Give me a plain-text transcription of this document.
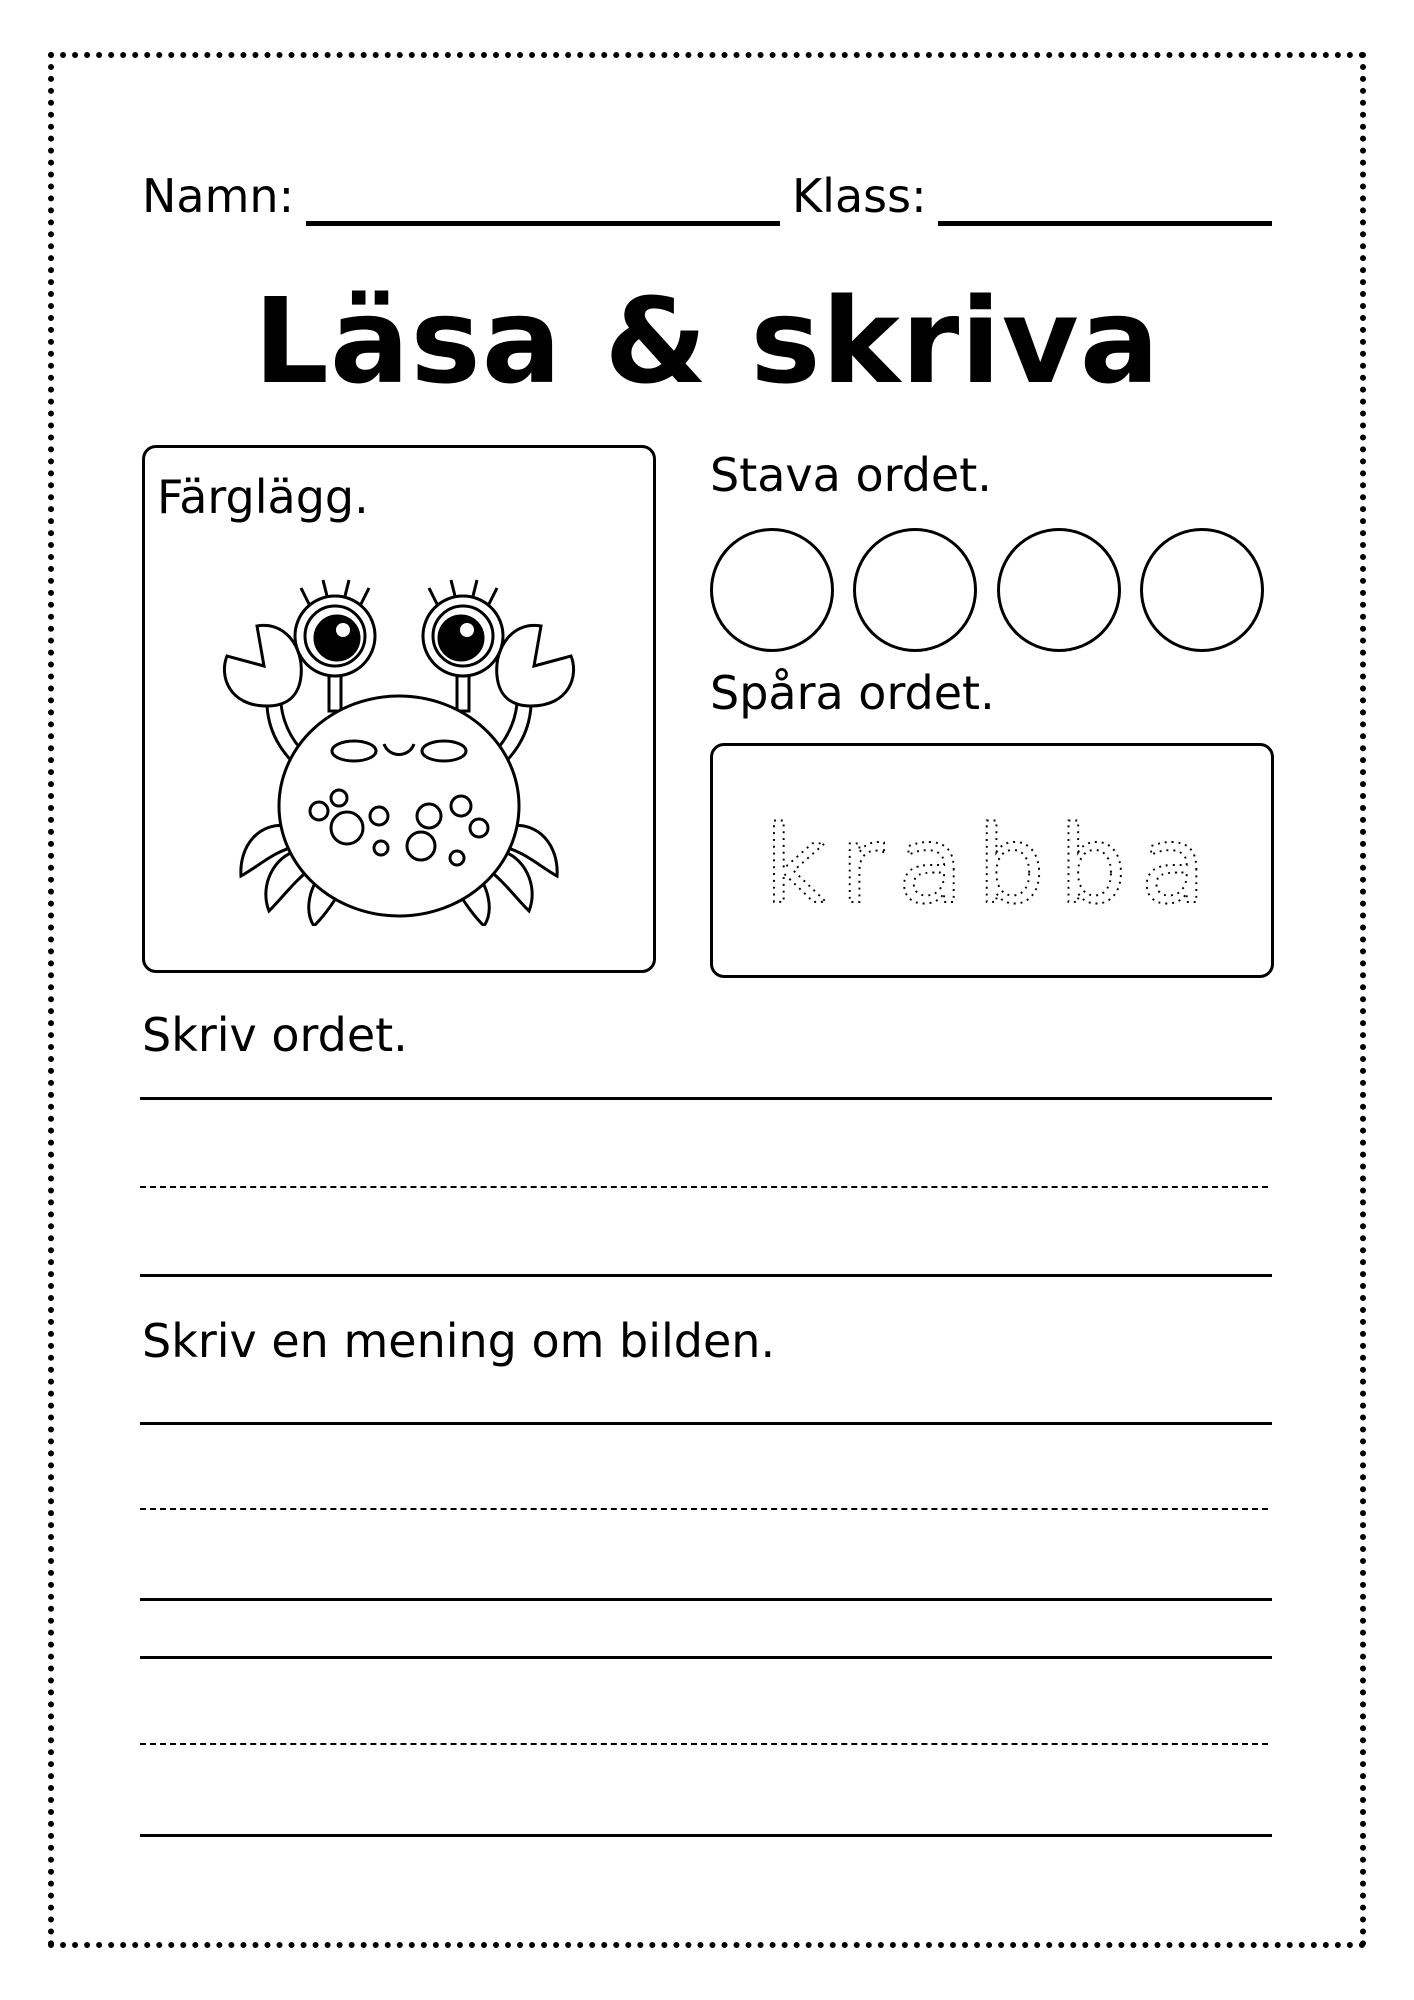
Namn:	Klass:
Läsa & skriva
Färglägg.	Stava ordet.
Spåra ordet.
krabba
Skriv ordet.
Skriv en mening om bilden.
